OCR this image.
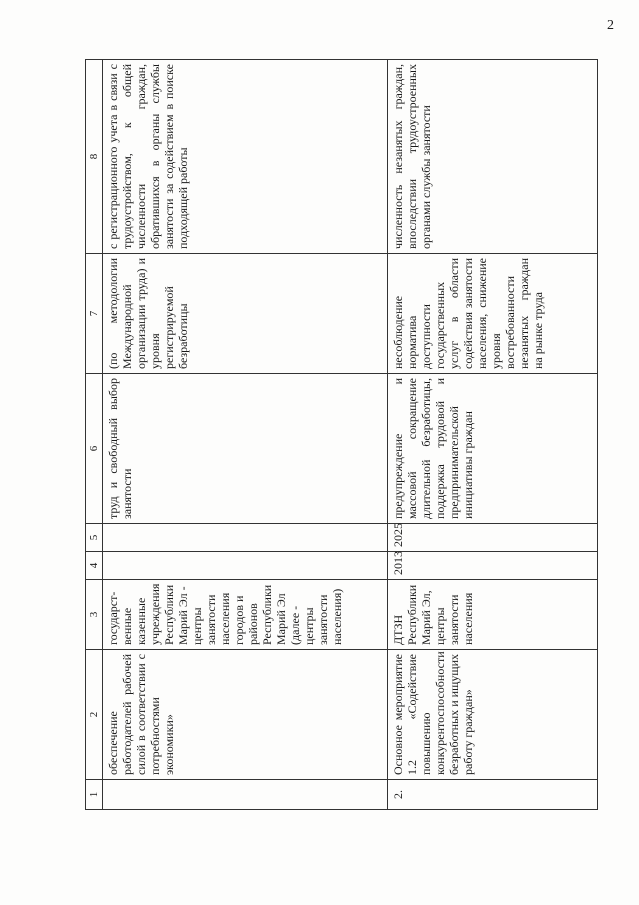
2
1	2	3	4	5	6	7	8
	обеспечение работодателей рабочей силой в соответствии с потребностями экономики»	государст-венные казенные учреждения Республики Марий Эл - центры занятости населения городов и районов Республики Марий Эл (далее - центры занятости населения)			труд и свободный выбор занятости	(по методологии Международной организации труда) и уровня регистрируемой безработицы	с регистрационного учета в связи с трудоустройством, к общей численности граждан, обратившихся в органы службы занятости за содействием в поиске подходящей работы
2.	Основное мероприятие 1.2 «Содействие повышению конкурентоспособности безработных и ищущих работу граждан»	ДТЗН Республики Марий Эл, центры занятости населения	2013	2025	предупреждение и массовой сокращение длительной безработицы, поддержка трудовой и предпринимательской инициативы граждан	несоблюдение норматива доступности государственных услуг в области содействия занятости населения, снижение уровня востребованности незанятых граждан на рынке труда	численность незанятых граждан, впоследствии трудоустроенных органами службы занятости
